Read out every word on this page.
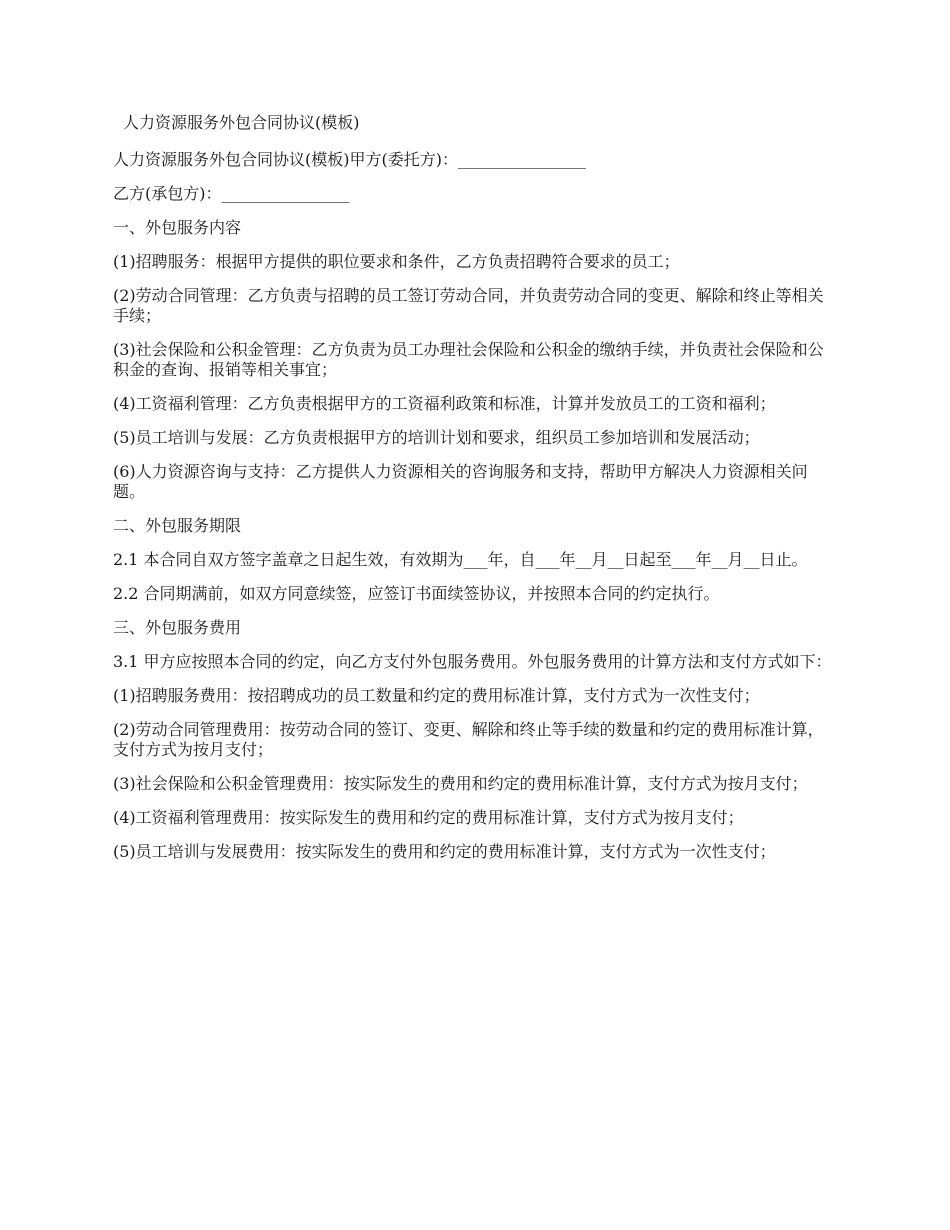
人力资源服务外包合同协议(模板)

人力资源服务外包合同协议(模板)甲方(委托方)：________________

乙方(承包方)：________________

一、外包服务内容

(1)招聘服务：根据甲方提供的职位要求和条件，乙方负责招聘符合要求的员工；

(2)劳动合同管理：乙方负责与招聘的员工签订劳动合同，并负责劳动合同的变更、解除和终止等相关手续；

(3)社会保险和公积金管理：乙方负责为员工办理社会保险和公积金的缴纳手续，并负责社会保险和公积金的查询、报销等相关事宜；

(4)工资福利管理：乙方负责根据甲方的工资福利政策和标准，计算并发放员工的工资和福利；

(5)员工培训与发展：乙方负责根据甲方的培训计划和要求，组织员工参加培训和发展活动；

(6)人力资源咨询与支持：乙方提供人力资源相关的咨询服务和支持，帮助甲方解决人力资源相关问题。

二、外包服务期限

2.1 本合同自双方签字盖章之日起生效，有效期为___年，自___年__月__日起至___年__月__日止。

2.2 合同期满前，如双方同意续签，应签订书面续签协议，并按照本合同的约定执行。

三、外包服务费用

3.1 甲方应按照本合同的约定，向乙方支付外包服务费用。外包服务费用的计算方法和支付方式如下：

(1)招聘服务费用：按招聘成功的员工数量和约定的费用标准计算，支付方式为一次性支付；

(2)劳动合同管理费用：按劳动合同的签订、变更、解除和终止等手续的数量和约定的费用标准计算，支付方式为按月支付；

(3)社会保险和公积金管理费用：按实际发生的费用和约定的费用标准计算，支付方式为按月支付；

(4)工资福利管理费用：按实际发生的费用和约定的费用标准计算，支付方式为按月支付；

(5)员工培训与发展费用：按实际发生的费用和约定的费用标准计算，支付方式为一次性支付；
